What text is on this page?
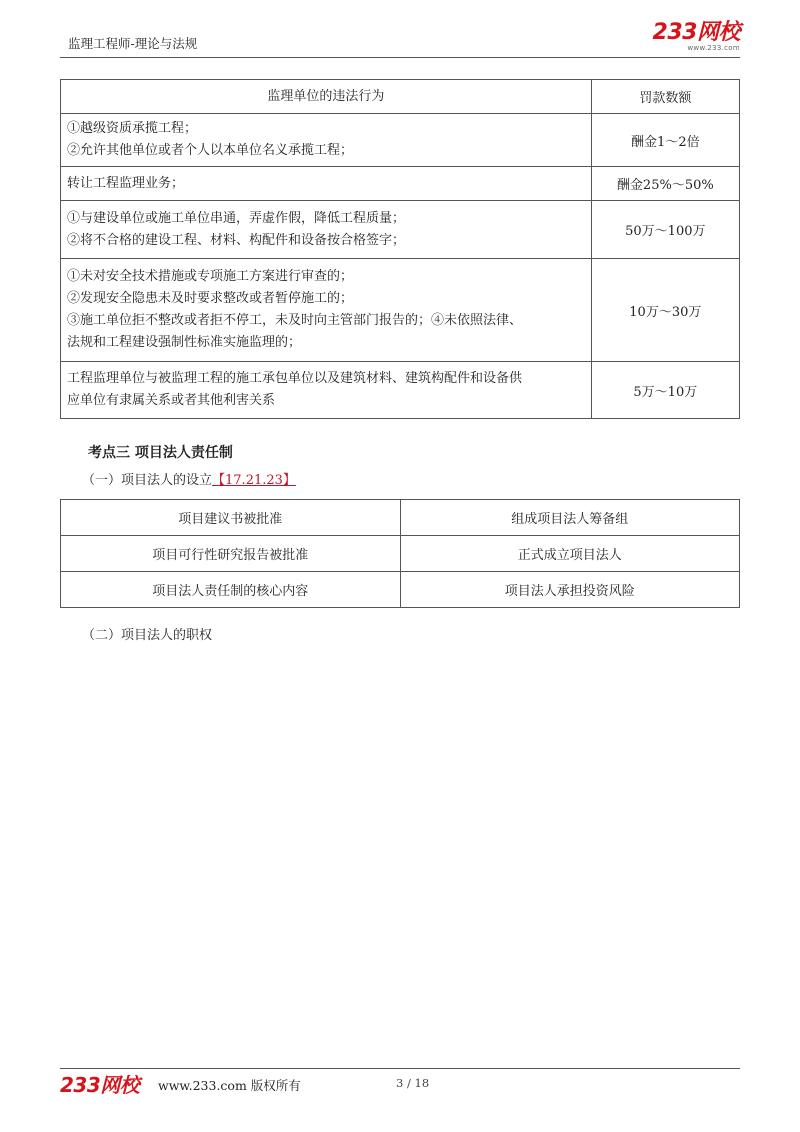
监理工程师-理论与法规	233网校
www.233.com
监理单位的违法行为	罚款数额

①越级资质承揽工程；
②允许其他单位或者个人以本单位名义承揽工程；	酬金1～2倍

转让工程监理业务；	酬金25%～50%

①与建设单位或施工单位串通，弄虚作假，降低工程质量；
②将不合格的建设工程、材料、构配件和设备按合格签字；	50万～100万

①未对安全技术措施或专项施工方案进行审查的；
②发现安全隐患未及时要求整改或者暂停施工的；
③施工单位拒不整改或者拒不停工，未及时向主管部门报告的；④未依照法律、
法规和工程建设强制性标准实施监理的；	10万～30万

工程监理单位与被监理工程的施工承包单位以及建筑材料、建筑构配件和设备供
应单位有隶属关系或者其他利害关系	5万～10万
考点三 项目法人责任制
（一）项目法人的设立【17.21.23】
项目建议书被批准	组成项目法人筹备组
项目可行性研究报告被批准	正式成立项目法人
项目法人责任制的核心内容	项目法人承担投资风险
（二）项目法人的职权
233网校 www.233.com 版权所有	3 / 18
